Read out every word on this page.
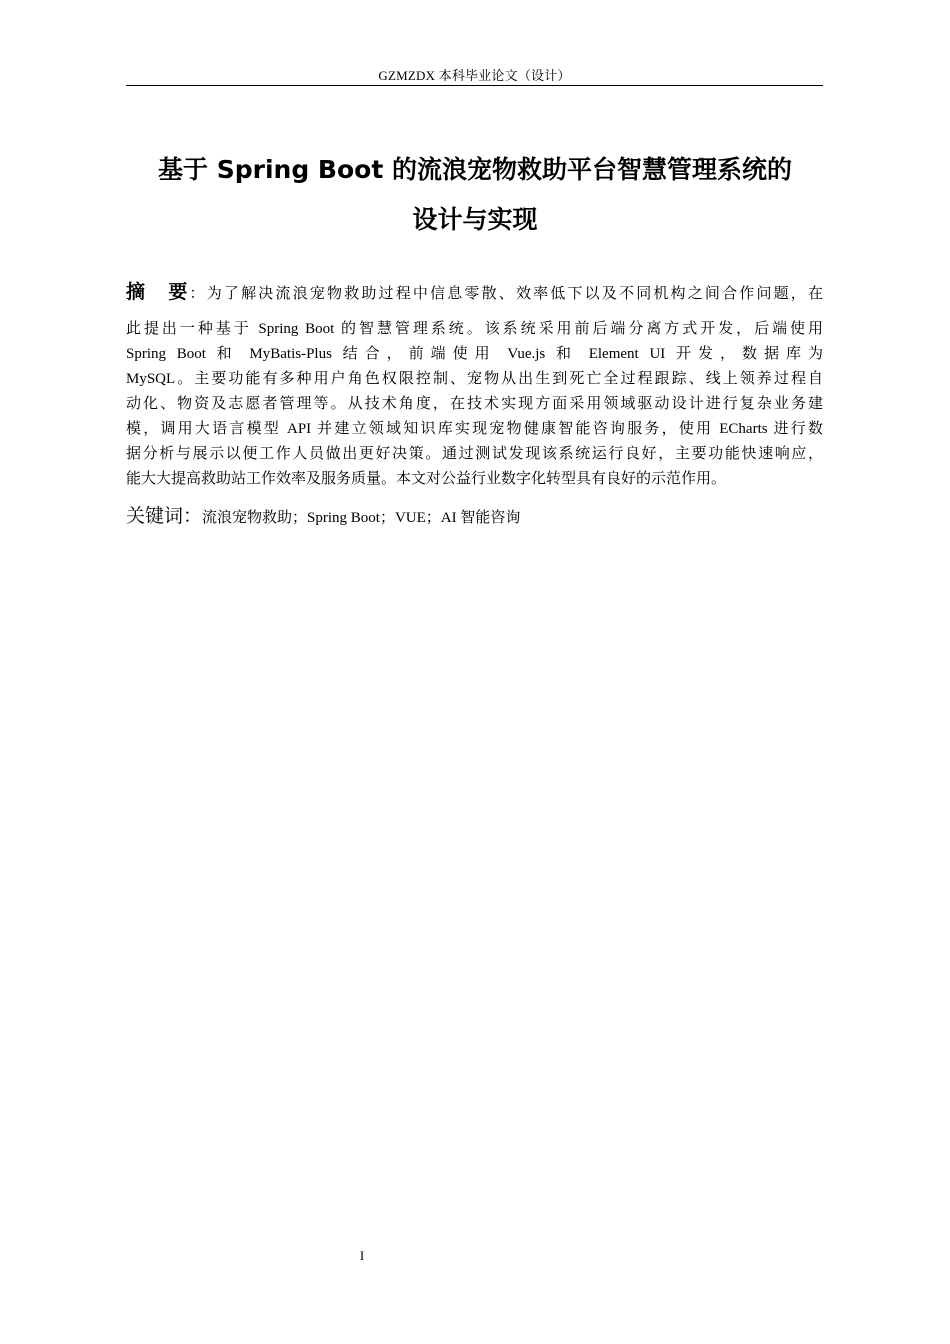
GZMZDX 本科毕业论文（设计）
基于 Spring Boot 的流浪宠物救助平台智慧管理系统的
设计与实现
摘　要：为了解决流浪宠物救助过程中信息零散、效率低下以及不同机构之间合作问题，在
此提出一种基于 Spring Boot 的智慧管理系统。该系统采用前后端分离方式开发，后端使用
Spring Boot 和 MyBatis-Plus 结合，前端使用 Vue.js 和 Element UI 开发，数据库为
MySQL。主要功能有多种用户角色权限控制、宠物从出生到死亡全过程跟踪、线上领养过程自
动化、物资及志愿者管理等。从技术角度，在技术实现方面采用领域驱动设计进行复杂业务建
模，调用大语言模型 API 并建立领域知识库实现宠物健康智能咨询服务，使用 ECharts 进行数
据分析与展示以便工作人员做出更好决策。通过测试发现该系统运行良好，主要功能快速响应，
能大大提高救助站工作效率及服务质量。本文对公益行业数字化转型具有良好的示范作用。
关键词：流浪宠物救助；Spring Boot；VUE；AI 智能咨询
I
